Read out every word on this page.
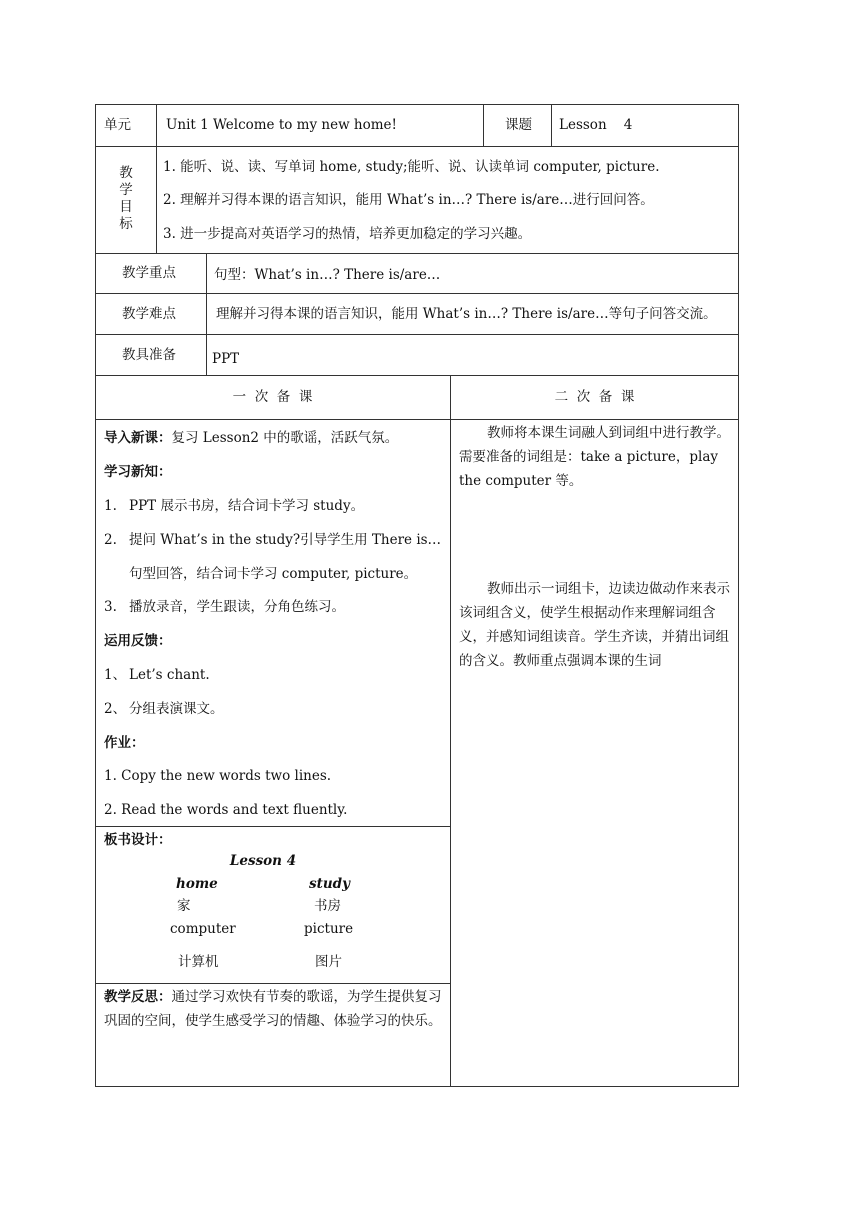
单元	Unit 1 Welcome to my new home!	课题 Lesson    4
教
学
目
标
1. 能听、说、读、写单词 home, study;能听、说、认读单词 computer, picture.
2. 理解并习得本课的语言知识，能用 What’s in…? There is/are…进行回问答。
3. 进一步提高对英语学习的热情，培养更加稳定的学习兴趣。
教学重点	句型：What’s in…? There is/are…
教学难点	理解并习得本课的语言知识，能用 What’s in…? There is/are…等句子问答交流。
教具准备	PPT
一  次  备  课	二  次  备  课
导入新课：复习 Lesson2 中的歌谣，活跃气氛。
学习新知：
1. PPT 展示书房，结合词卡学习 study。
2. 提问 What’s in the study?引导学生用 There is…
句型回答，结合词卡学习 computer, picture。
3. 播放录音，学生跟读，分角色练习。
运用反馈：
1、 Let’s chant.
2、 分组表演课文。
作业：
1. Copy the new words two lines.
2. Read the words and text fluently.
板书设计：
Lesson 4
home	study
家	书房
computer	picture
计算机	图片
教学反思：通过学习欢快有节奏的歌谣，为学生提供复习巩固的空间，使学生感受学习的情趣、体验学习的快乐。
教师将本课生词融人到词组中进行教学。需要准备的词组是：take a picture，play the computer 等。
教师出示一词组卡，边读边做动作来表示该词组含义，使学生根据动作来理解词组含义，并感知词组读音。学生齐读，并猜出词组的含义。教师重点强调本课的生词
